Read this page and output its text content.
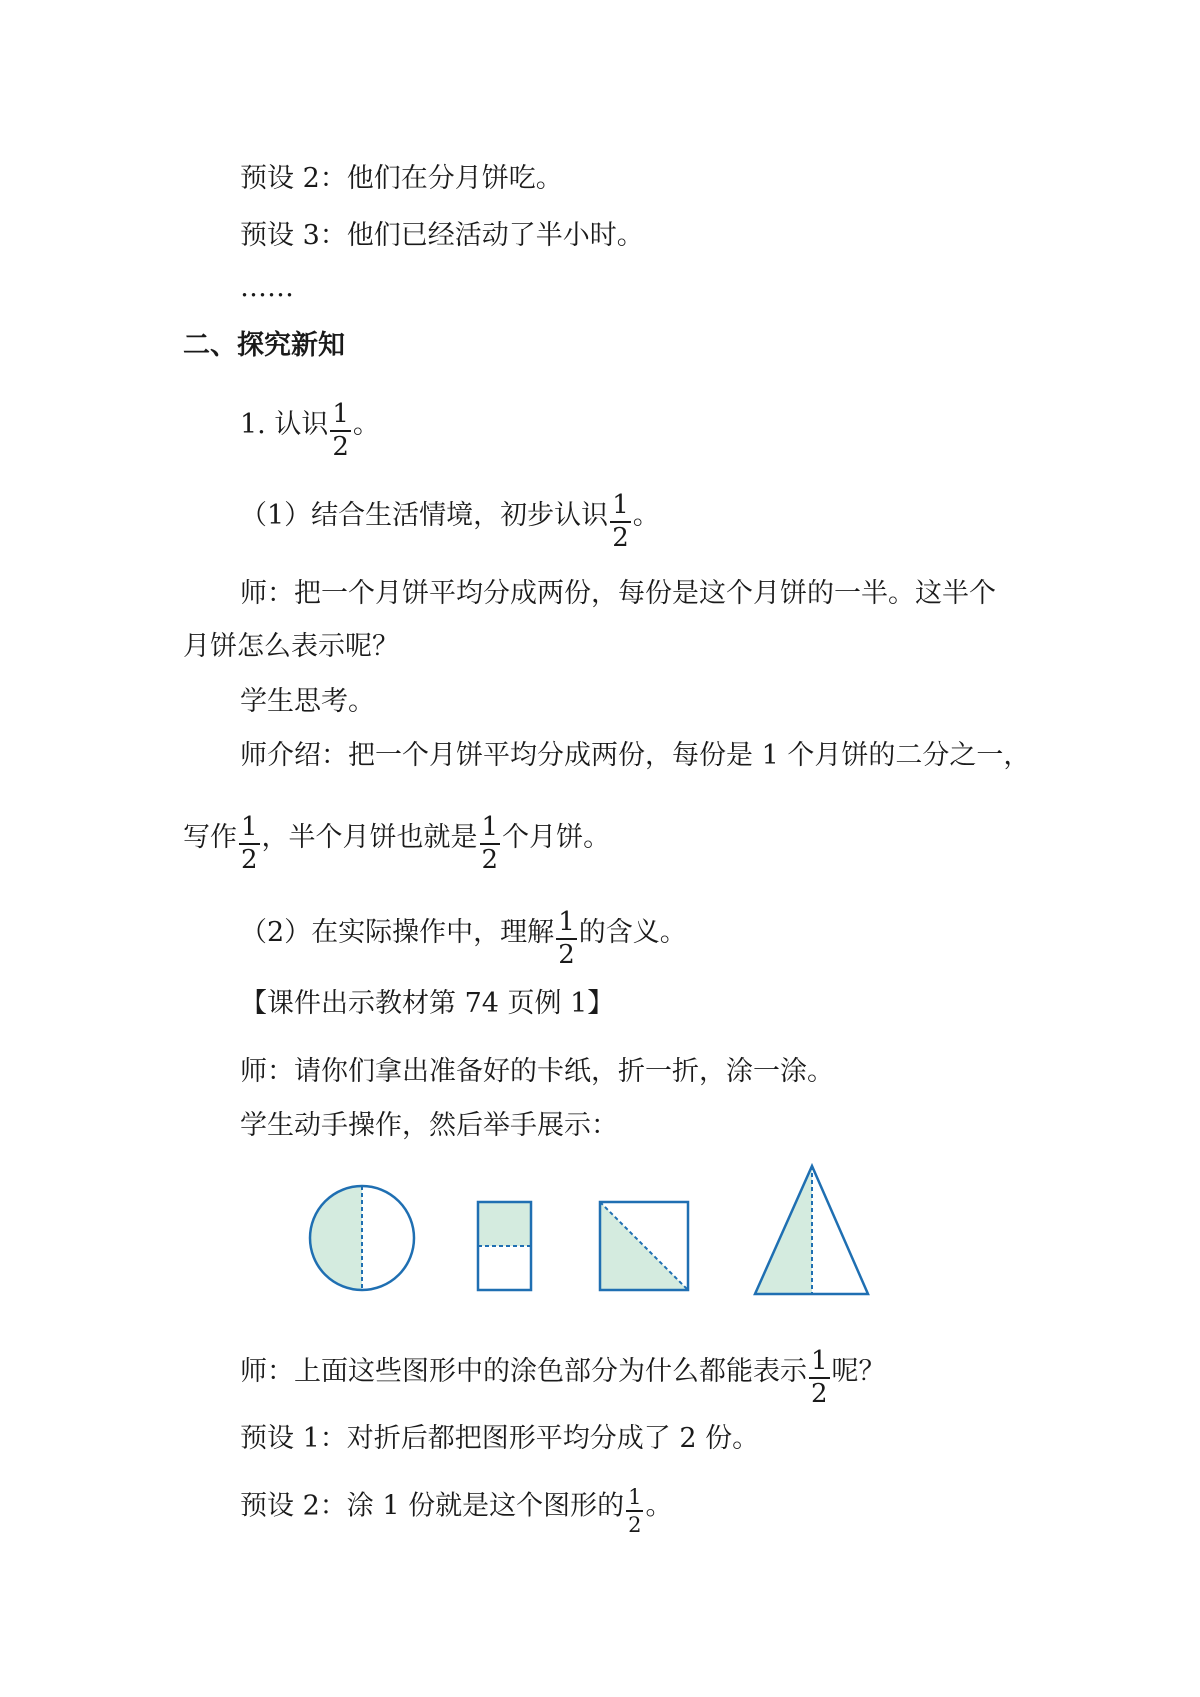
预设 2：他们在分月饼吃。
预设 3：他们已经活动了半小时。
……
二、探究新知
1. 认识 $\frac{1}{2}$ 。
（1）结合生活情境，初步认识 $\frac{1}{2}$ 。
师：把一个月饼平均分成两份，每份是这个月饼的一半。这半个
月饼怎么表示呢？
学生思考。
师介绍：把一个月饼平均分成两份，每份是 1 个月饼的二分之一，
写作 $\frac{1}{2}$ ，半个月饼也就是 $\frac{1}{2}$ 个月饼。
（2）在实际操作中，理解 $\frac{1}{2}$ 的含义。
【课件出示教材第 74 页例 1】
师：请你们拿出准备好的卡纸，折一折，涂一涂。
学生动手操作，然后举手展示：
师：上面这些图形中的涂色部分为什么都能表示 $\frac{1}{2}$ 呢？
预设 1：对折后都把图形平均分成了 2 份。
预设 2：涂 1 份就是这个图形的 $\frac{1}{2}$ 。
